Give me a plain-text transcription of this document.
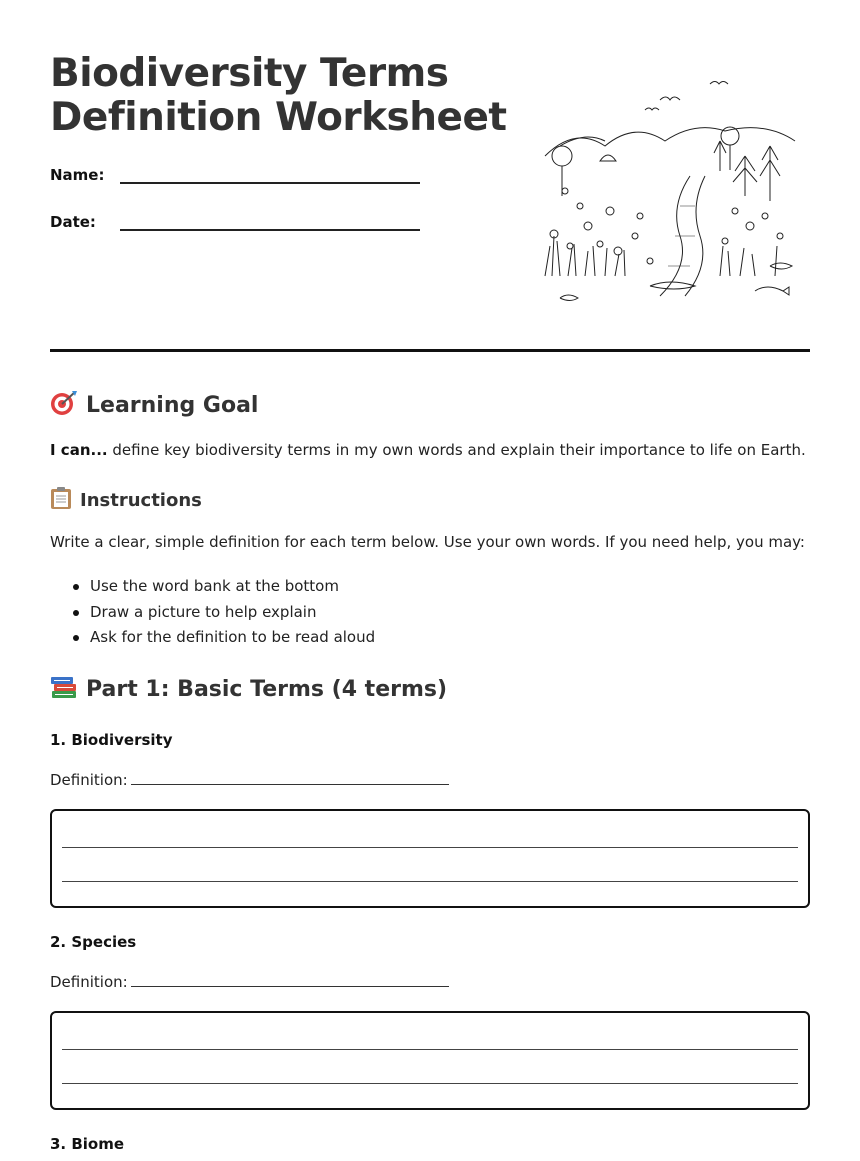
Biodiversity Terms
Definition Worksheet
Name:
Date:
Learning Goal

I can... define key biodiversity terms in my own words and explain their importance to life on Earth.

Instructions

Write a clear, simple definition for each term below. Use your own words. If you need help, you may:

Use the word bank at the bottom
Draw a picture to help explain
Ask for the definition to be read aloud
Part 1: Basic Terms (4 terms)
1. Biodiversity
Definition:
2. Species
Definition:
3. Biome
